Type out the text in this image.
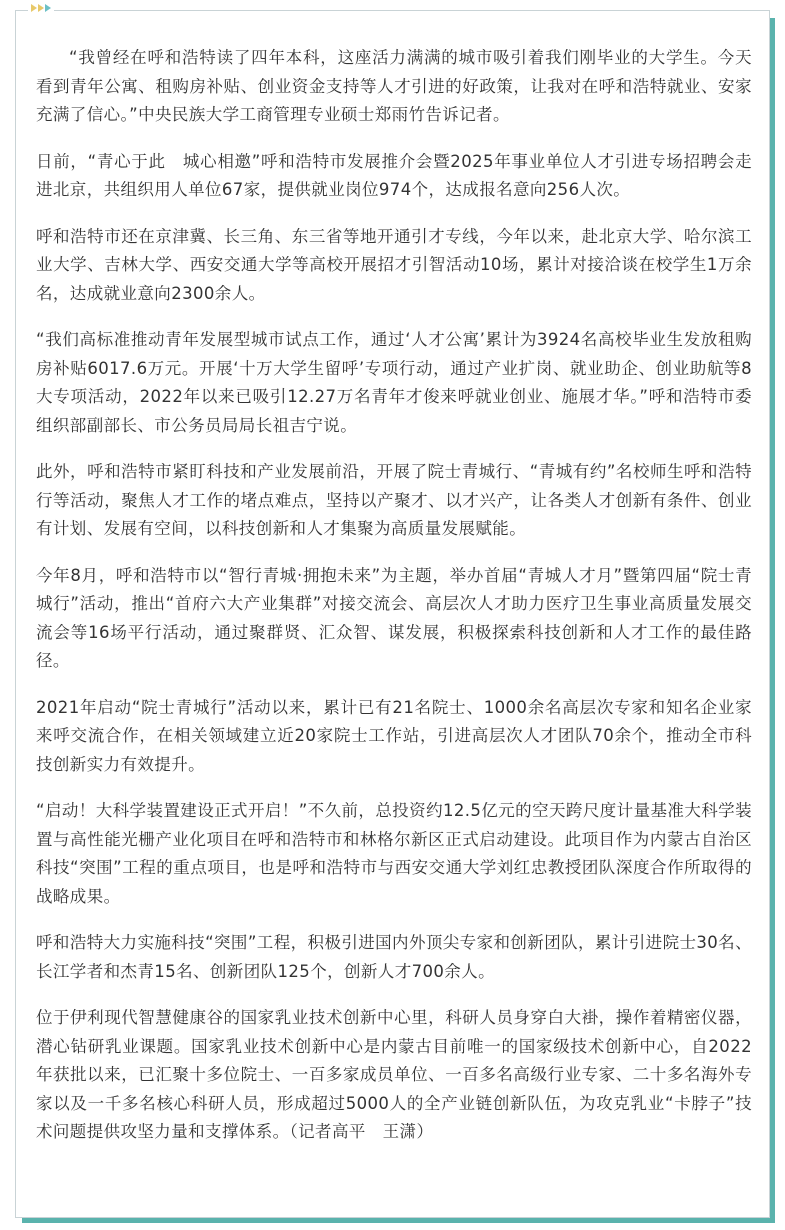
“我曾经在呼和浩特读了四年本科，这座活力满满的城市吸引着我们刚毕业的大学生。今天看到青年公寓、租购房补贴、创业资金支持等人才引进的好政策，让我对在呼和浩特就业、安家充满了信心。”中央民族大学工商管理专业硕士郑雨竹告诉记者。

日前，“青心于此　城心相邀”呼和浩特市发展推介会暨2025年事业单位人才引进专场招聘会走进北京，共组织用人单位67家，提供就业岗位974个，达成报名意向256人次。

呼和浩特市还在京津冀、长三角、东三省等地开通引才专线，今年以来，赴北京大学、哈尔滨工业大学、吉林大学、西安交通大学等高校开展招才引智活动10场，累计对接洽谈在校学生1万余名，达成就业意向2300余人。

“我们高标准推动青年发展型城市试点工作，通过‘人才公寓’累计为3924名高校毕业生发放租购房补贴6017.6万元。开展‘十万大学生留呼’专项行动，通过产业扩岗、就业助企、创业助航等8大专项活动，2022年以来已吸引12.27万名青年才俊来呼就业创业、施展才华。”呼和浩特市委组织部副部长、市公务员局局长祖吉宁说。

此外，呼和浩特市紧盯科技和产业发展前沿，开展了院士青城行、“青城有约”名校师生呼和浩特行等活动，聚焦人才工作的堵点难点，坚持以产聚才、以才兴产，让各类人才创新有条件、创业有计划、发展有空间，以科技创新和人才集聚为高质量发展赋能。

今年8月，呼和浩特市以“智行青城·拥抱未来”为主题，举办首届“青城人才月”暨第四届“院士青城行”活动，推出“首府六大产业集群”对接交流会、高层次人才助力医疗卫生事业高质量发展交流会等16场平行活动，通过聚群贤、汇众智、谋发展，积极探索科技创新和人才工作的最佳路径。

2021年启动“院士青城行”活动以来，累计已有21名院士、1000余名高层次专家和知名企业家来呼交流合作，在相关领域建立近20家院士工作站，引进高层次人才团队70余个，推动全市科技创新实力有效提升。

“启动！大科学装置建设正式开启！”不久前，总投资约12.5亿元的空天跨尺度计量基准大科学装置与高性能光栅产业化项目在呼和浩特市和林格尔新区正式启动建设。此项目作为内蒙古自治区科技“突围”工程的重点项目，也是呼和浩特市与西安交通大学刘红忠教授团队深度合作所取得的战略成果。

呼和浩特大力实施科技“突围”工程，积极引进国内外顶尖专家和创新团队，累计引进院士30名、长江学者和杰青15名、创新团队125个，创新人才700余人。

位于伊利现代智慧健康谷的国家乳业技术创新中心里，科研人员身穿白大褂，操作着精密仪器，潜心钻研乳业课题。国家乳业技术创新中心是内蒙古目前唯一的国家级技术创新中心，自2022年获批以来，已汇聚十多位院士、一百多家成员单位、一百多名高级行业专家、二十多名海外专家以及一千多名核心科研人员，形成超过5000人的全产业链创新队伍，为攻克乳业“卡脖子”技术问题提供攻坚力量和支撑体系。（记者高平　王潇）
